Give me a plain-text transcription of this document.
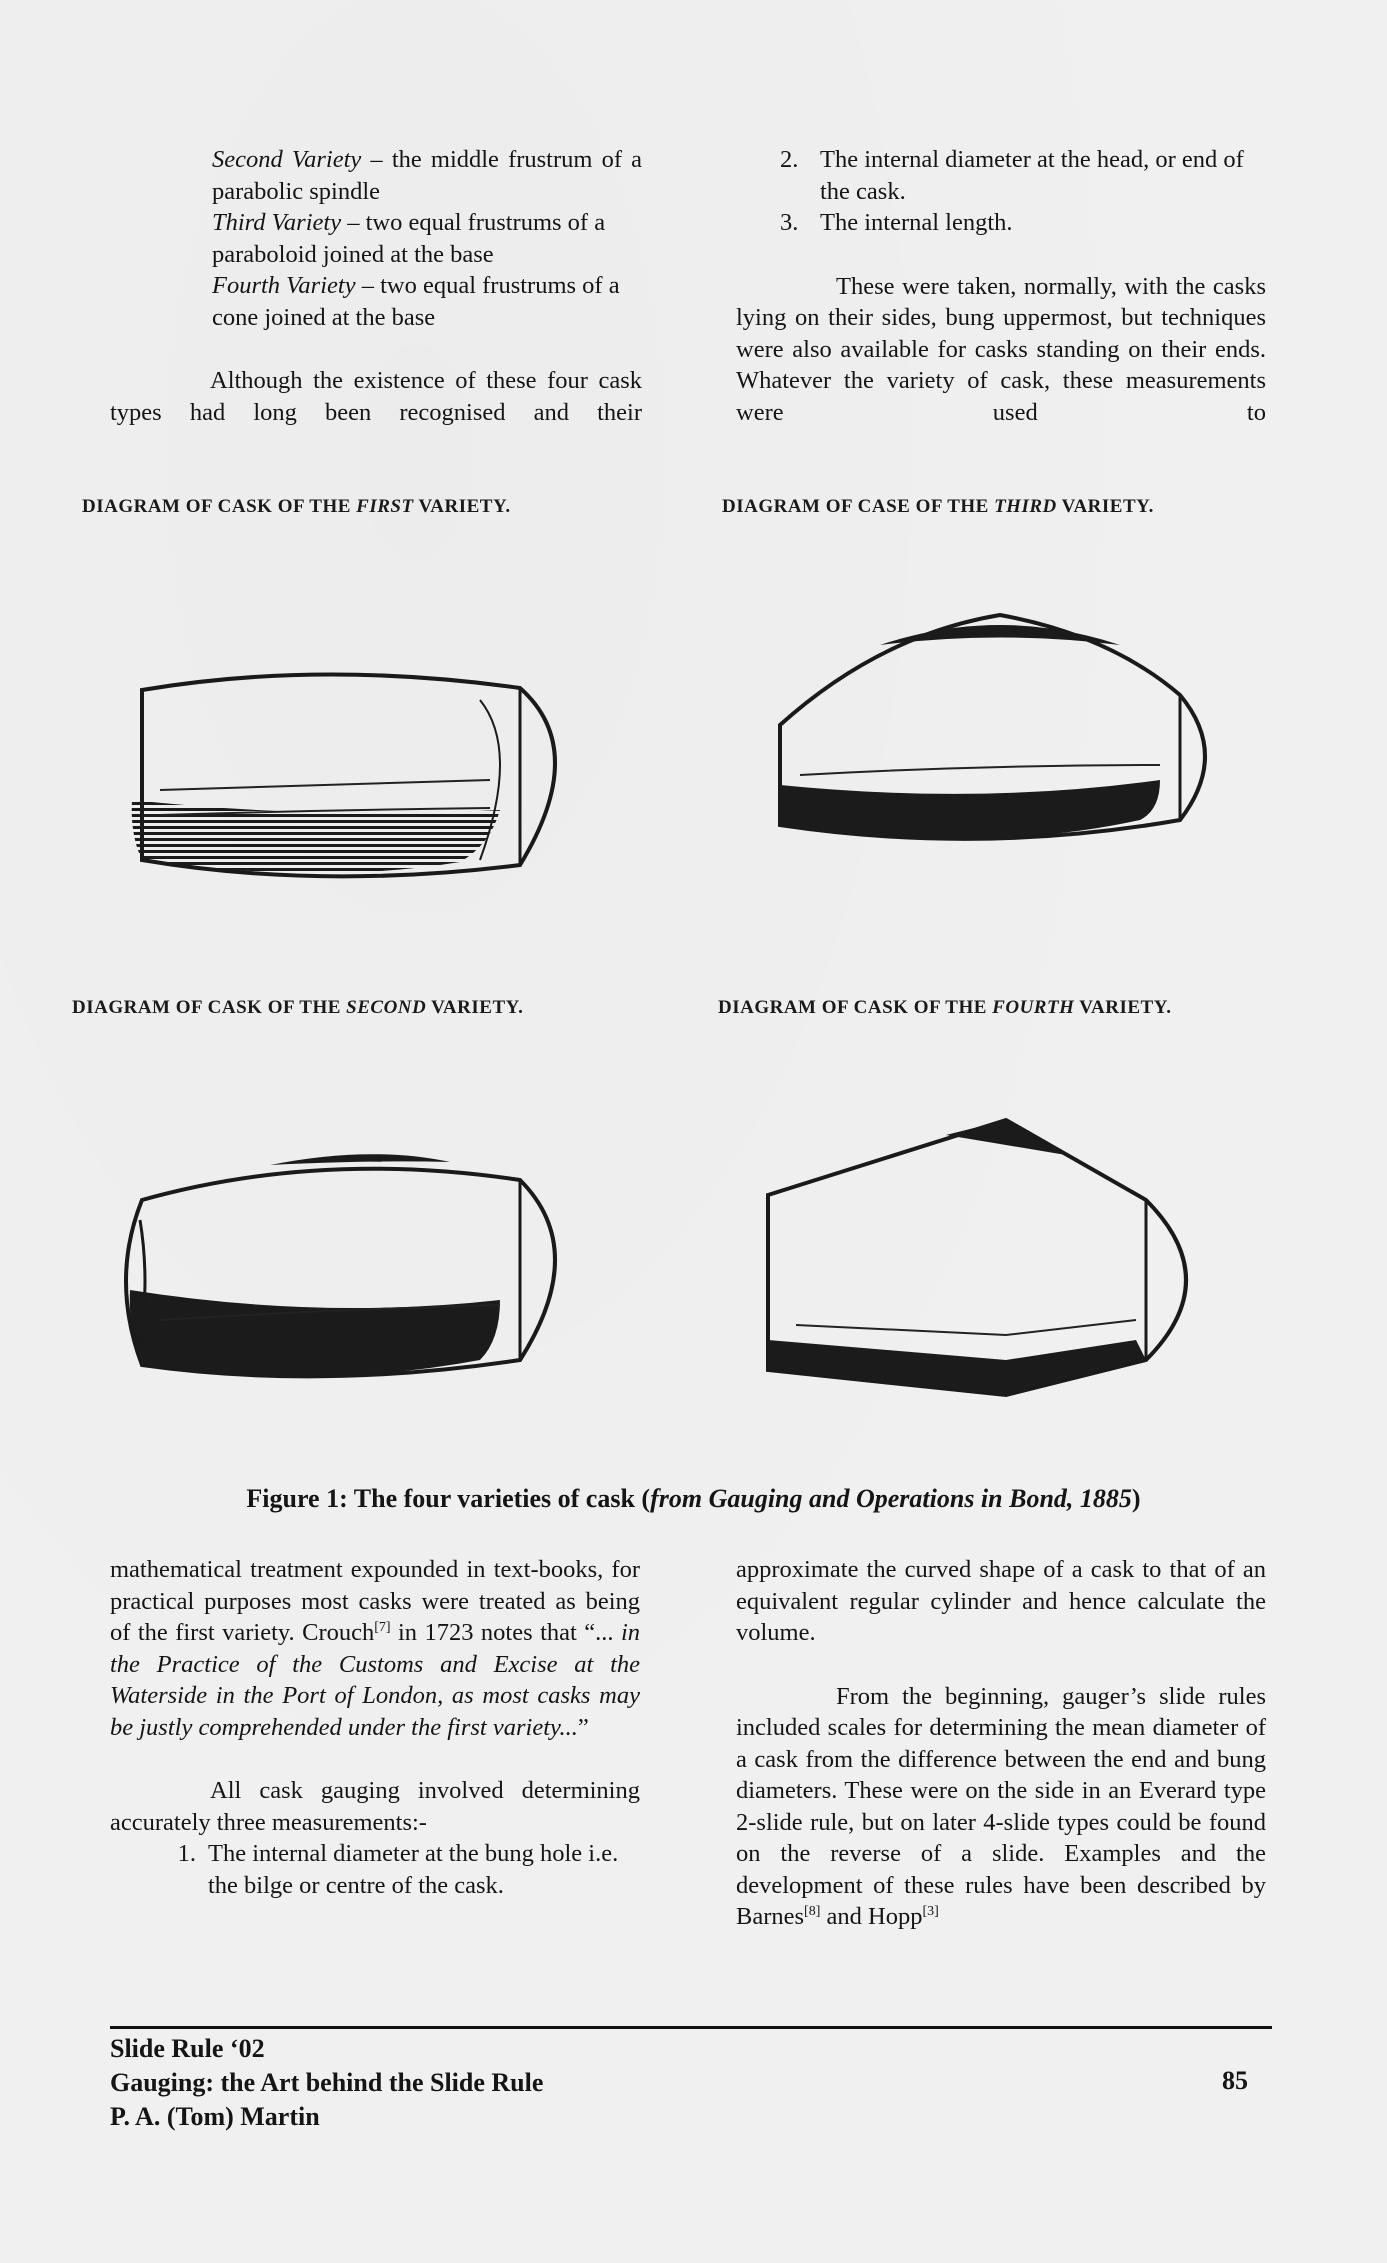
Second Variety – the middle frustrum of a parabolic spindle

Third Variety – two equal frustrums of a paraboloid joined at the base

Fourth Variety – two equal frustrums of a cone joined at the base

Although the existence of these four cask types had long been recognised and their

2. The internal diameter at the head, or end of the cask.
3. The internal length.

These were taken, normally, with the casks lying on their sides, bung uppermost, but techniques were also available for casks standing on their ends. Whatever the variety of cask, these measurements were used to

DIAGRAM OF CASK OF THE FIRST VARIETY.	DIAGRAM OF CASE OF THE THIRD VARIETY.
DIAGRAM OF CASK OF THE SECOND VARIETY.	DIAGRAM OF CASK OF THE FOURTH VARIETY.
Figure 1: The four varieties of cask (from Gauging and Operations in Bond, 1885)

mathematical treatment expounded in text-books, for practical purposes most casks were treated as being of the first variety. Crouch[7] in 1723 notes that “... in the Practice of the Customs and Excise at the Waterside in the Port of London, as most casks may be justly comprehended under the first variety...”

All cask gauging involved determining accurately three measurements:-

1. The internal diameter at the bung hole i.e. the bilge or centre of the cask.

approximate the curved shape of a cask to that of an equivalent regular cylinder and hence calculate the volume.

From the beginning, gauger’s slide rules included scales for determining the mean diameter of a cask from the difference between the end and bung diameters. These were on the side in an Everard type 2-slide rule, but on later 4-slide types could be found on the reverse of a slide. Examples and the development of these rules have been described by Barnes[8] and Hopp[3]

Slide Rule ‘02
Gauging: the Art behind the Slide Rule
P. A. (Tom) Martin
85
